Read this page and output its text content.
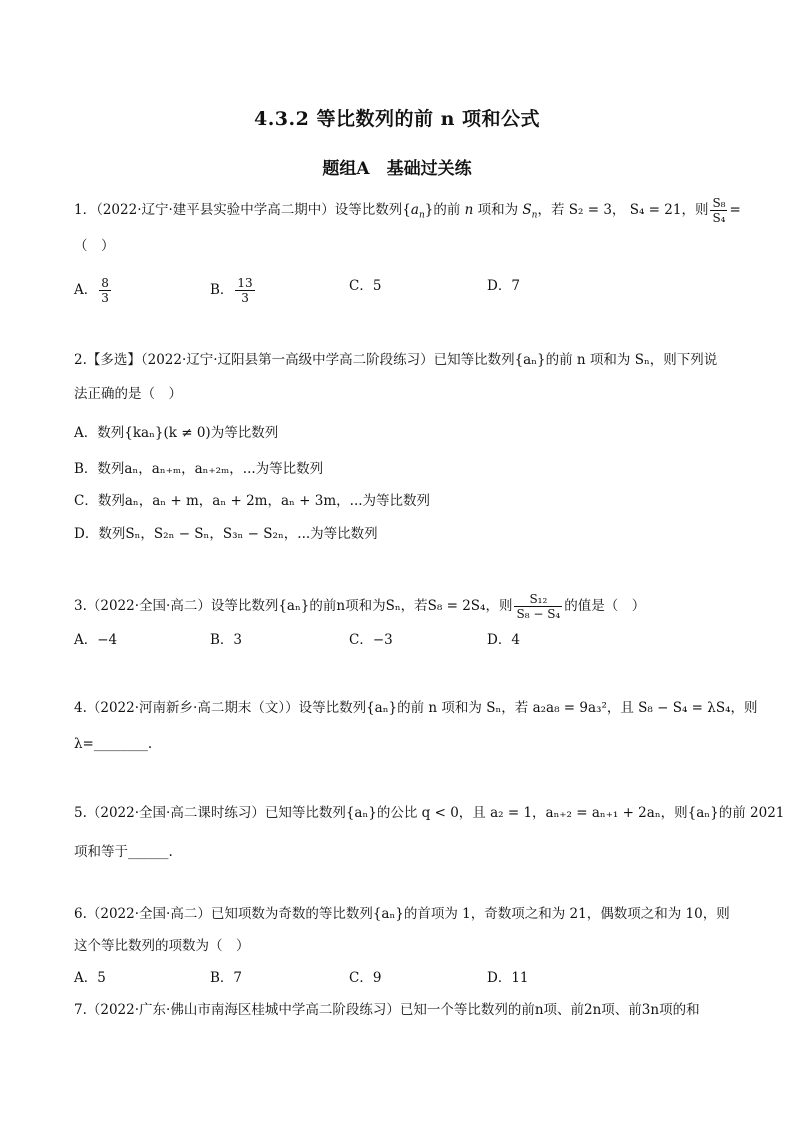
4.3.2 等比数列的前 n 项和公式
题组A　基础过关练
1．（2022·辽宁·建平县实验中学高二期中）设等比数列$\{a_n\}$的前 n 项和为 $S_n$，若 S₂ = 3， S₄ = 21，则 $\frac{\text{S₈}}{\text{S₄}}$ =
（　）
A． $\frac{8}{3}$	B． $\frac{13}{3}$	C．5	D．7
2.【多选】（2022·辽宁·辽阳县第一高级中学高二阶段练习）已知等比数列{aₙ}的前 n 项和为 Sₙ，则下列说
法正确的是（　）
A．数列{kaₙ}(k ≠ 0)为等比数列
B．数列aₙ，aₙ₊ₘ，aₙ₊₂ₘ，...为等比数列
C．数列aₙ，aₙ + m，aₙ + 2m，aₙ + 3m，...为等比数列
D．数列Sₙ，S₂ₙ − Sₙ，S₃ₙ − S₂ₙ，...为等比数列
3.（2022·全国·高二）设等比数列{aₙ}的前n项和为Sₙ，若S₈ = 2S₄，则 $\frac{\text{S₁₂}}{\text{S₈ − S₄}}$ 的值是（　）
A．−4	B．3	C．−3	D．4
4.（2022·河南新乡·高二期末（文））设等比数列{aₙ}的前 n 项和为 Sₙ，若 a₂a₈ = 9a₃²，且 S₈ − S₄ = λS₄，则
λ=________.
5.（2022·全国·高二课时练习）已知等比数列{aₙ}的公比 q < 0，且 a₂ = 1，aₙ₊₂ = aₙ₊₁ + 2aₙ，则{aₙ}的前 2021
项和等于______.
6.（2022·全国·高二）已知项数为奇数的等比数列{aₙ}的首项为 1，奇数项之和为 21，偶数项之和为 10，则
这个等比数列的项数为（　）
A．5	B．7	C．9	D．11
7.（2022·广东·佛山市南海区桂城中学高二阶段练习）已知一个等比数列的前n项、前2n项、前3n项的和
